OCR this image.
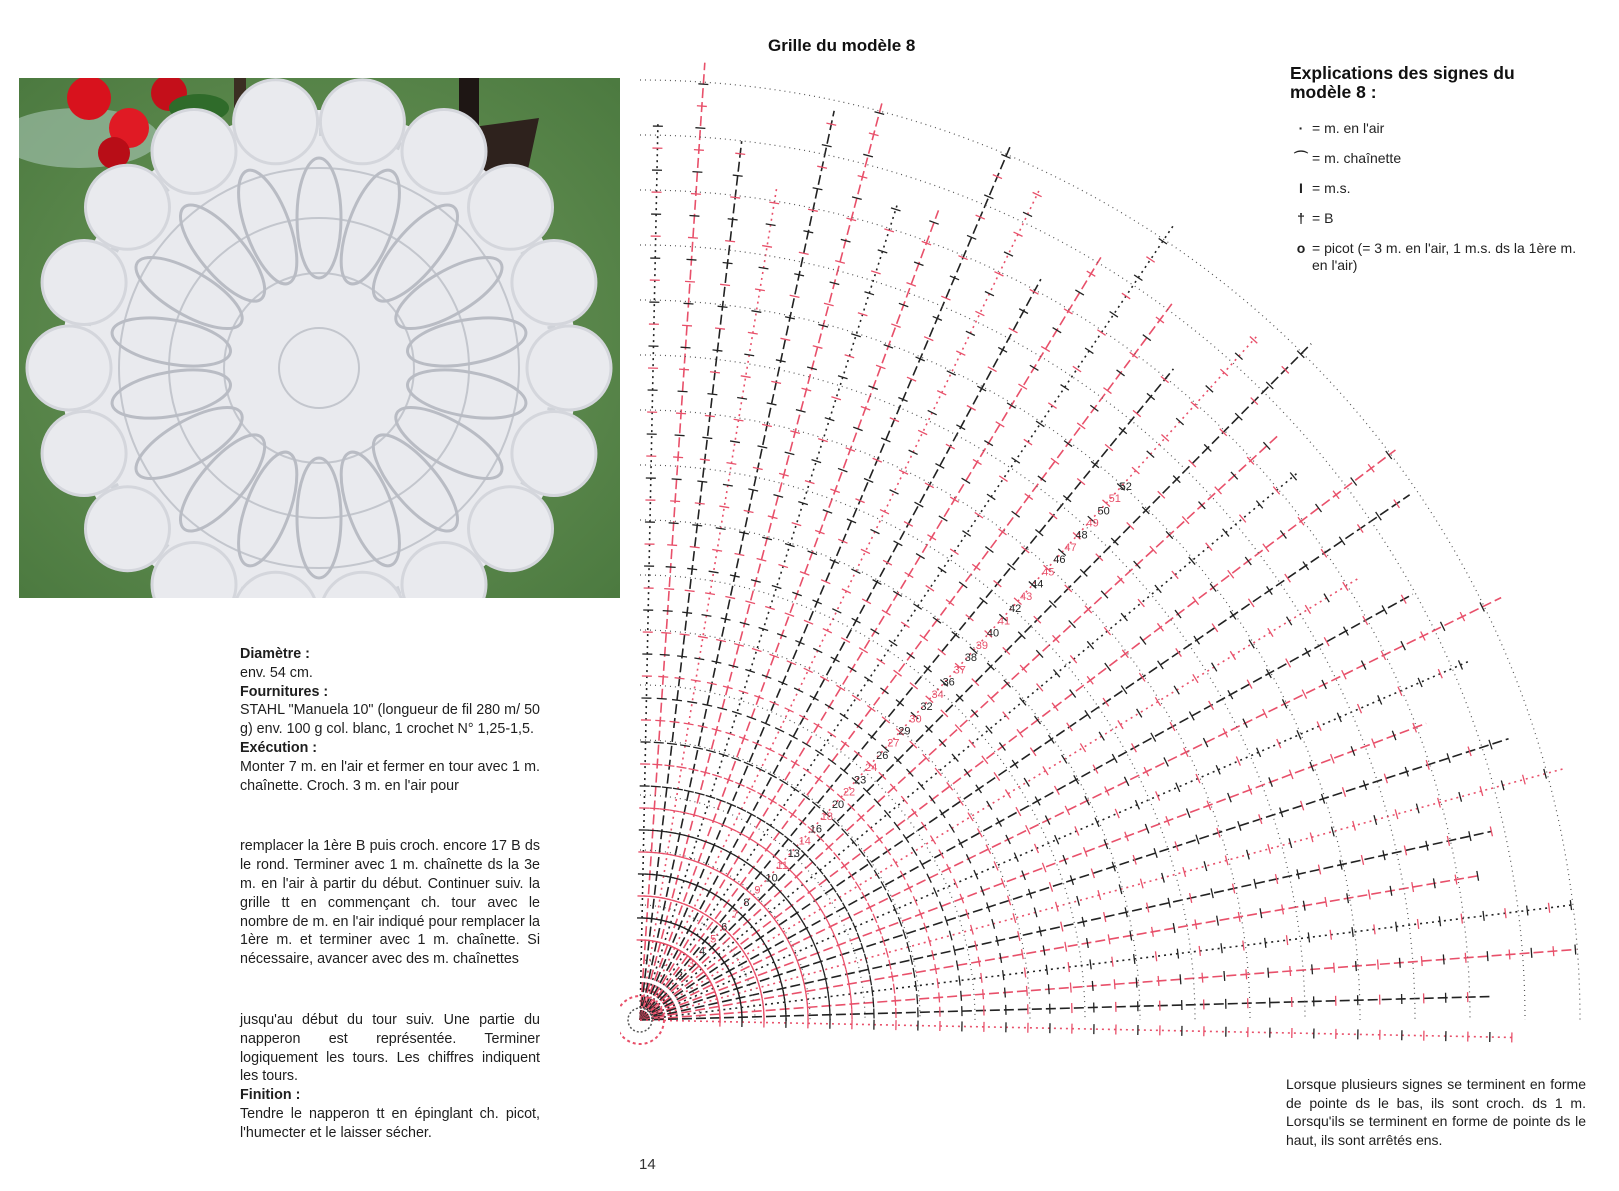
Diamètre :

env. 54 cm.

Fournitures :

STAHL "Manuela 10" (longueur de fil 280 m/ 50 g) env. 100 g col. blanc, 1 crochet N° 1,25-1,5.

Exécution :

Monter 7 m. en l'air et fermer en tour avec 1 m. chaînette. Croch. 3 m. en l'air pour

remplacer la 1ère B puis croch. encore 17 B ds le rond. Terminer avec 1 m. chaînette ds la 3e m. en l'air à partir du début. Continuer suiv. la grille tt en commençant ch. tour avec le nombre de m. en l'air indiqué pour remplacer la 1ère m. et terminer avec 1 m. chaînette. Si nécessaire, avancer avec des m. chaînettes

jusqu'au début du tour suiv. Une partie du napperon est représentée. Terminer logiquement les tours. Les chiffres indiquent les tours.

Finition :

Tendre le napperon tt en épinglant ch. picot, l'humecter et le laisser sécher.

Grille du modèle 8
2
3
4
5
6
7
8
9
10
11
13
14
16
18
20
22
23
24
26
27
29
30
32
34
36
37
38
39
40
41
42
43
44
45
46
47
48
49
50
51
52
Explications des signes du modèle 8 :
· = m. en l'air
⌒ = m. chaînette
I = m.s.
† = B
o = picot (= 3 m. en l'air, 1 m.s. ds la 1ère m. en l'air)
Lorsque plusieurs signes se terminent en forme de pointe ds le bas, ils sont croch. ds 1 m. Lorsqu'ils se terminent en forme de pointe ds le haut, ils sont arrêtés ens.
14
